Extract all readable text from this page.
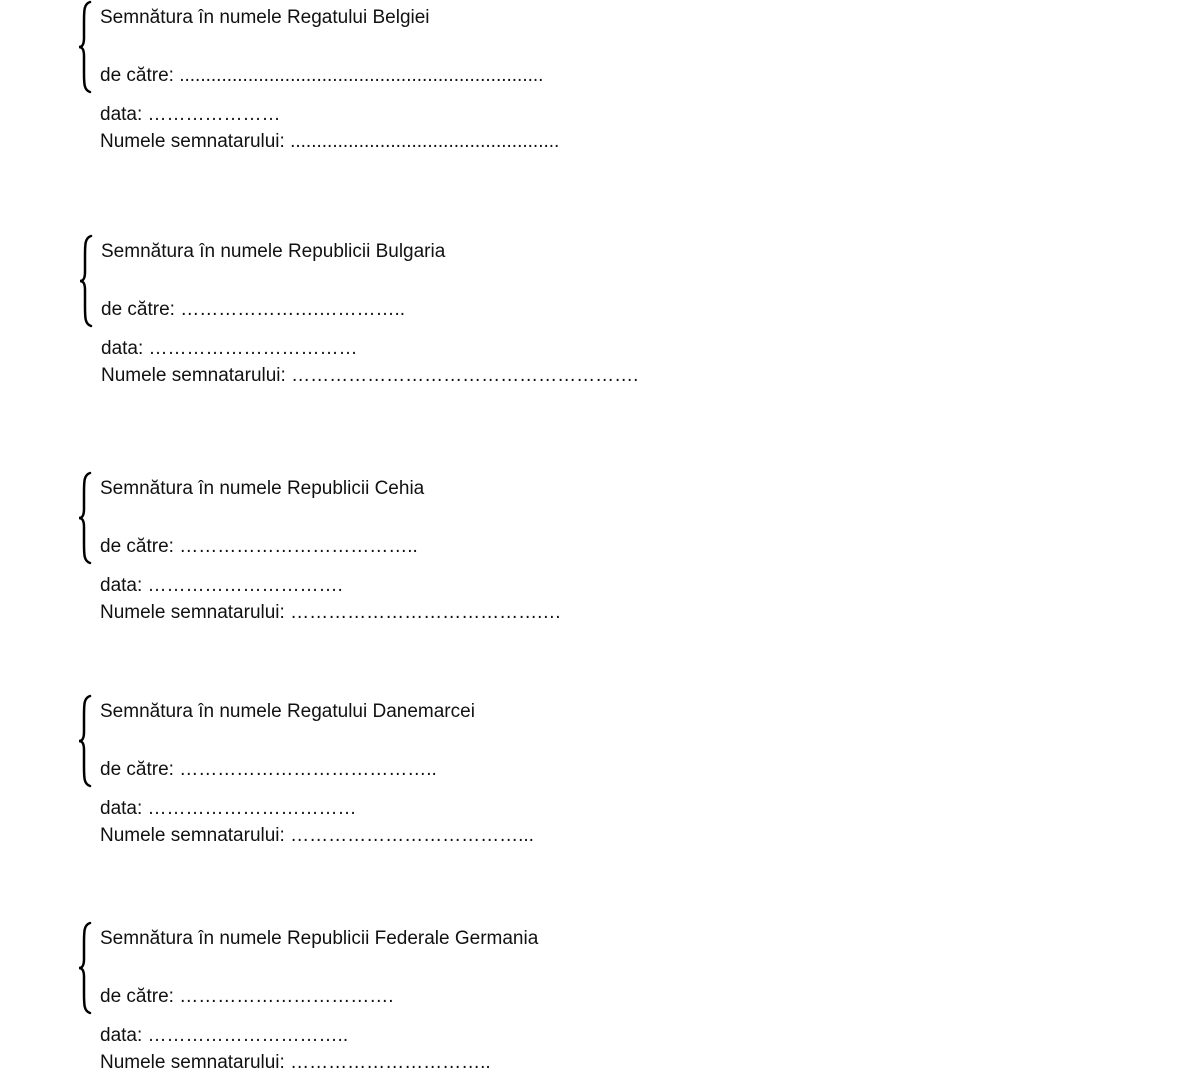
Semnătura în numele Regatului Belgiei
de către: .....................................................................
data: …………………
Numele semnatarului: ...................................................
Semnătura în numele Republicii Bulgaria
de către: ………………….…………..
data: ……………………………
Numele semnatarului: ……………………………………………….
Semnătura în numele Republicii Cehia
de către: ………………………………..
data: ………………………….
Numele semnatarului: ………………………………….…
Semnătura în numele Regatului Danemarcei
de către: …………………………………..
data: ……………………………
Numele semnatarului: ………………………………...
Semnătura în numele Republicii Federale Germania
de către: …………………………….
data: …………………………..
Numele semnatarului: …………………………..
